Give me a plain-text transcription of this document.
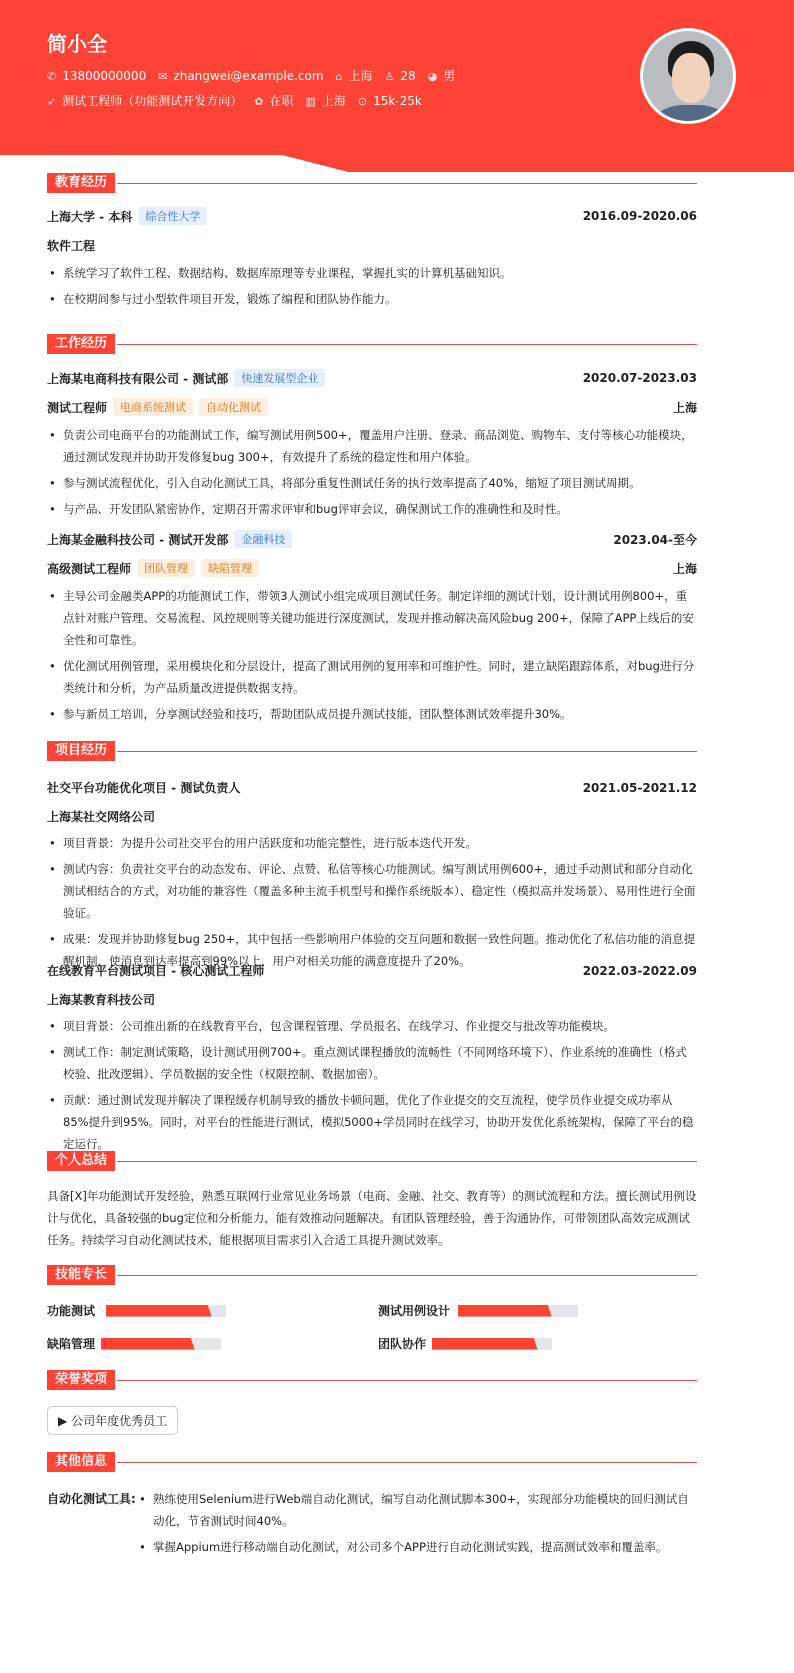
简小全
✆ 13800000000 ✉ zhangwei@example.com ⌂ 上海 ♙ 28 ◕ 男
➶ 测试工程师（功能测试开发方向） ✿ 在职 ▥ 上海 ⊙ 15k-25k
教育经历
上海大学 - 本科	综合性大学	2016.09-2020.06
软件工程
• 系统学习了软件工程、数据结构、数据库原理等专业课程，掌握扎实的计算机基础知识。
• 在校期间参与过小型软件项目开发，锻炼了编程和团队协作能力。
工作经历
上海某电商科技有限公司 - 测试部	快速发展型企业	2020.07-2023.03
测试工程师	电商系统测试	自动化测试	上海
• 负责公司电商平台的功能测试工作，编写测试用例500+，覆盖用户注册、登录、商品浏览、购物车、支付等核心功能模块，通过测试发现并协助开发修复bug 300+，有效提升了系统的稳定性和用户体验。
• 参与测试流程优化，引入自动化测试工具，将部分重复性测试任务的执行效率提高了40%，缩短了项目测试周期。
• 与产品、开发团队紧密协作，定期召开需求评审和bug评审会议，确保测试工作的准确性和及时性。
上海某金融科技公司 - 测试开发部	金融科技	2023.04-至今
高级测试工程师	团队管理	缺陷管理	上海
• 主导公司金融类APP的功能测试工作，带领3人测试小组完成项目测试任务。制定详细的测试计划，设计测试用例800+，重点针对账户管理、交易流程、风控规则等关键功能进行深度测试，发现并推动解决高风险bug 200+，保障了APP上线后的安全性和可靠性。
• 优化测试用例管理，采用模块化和分层设计，提高了测试用例的复用率和可维护性。同时，建立缺陷跟踪体系，对bug进行分类统计和分析，为产品质量改进提供数据支持。
• 参与新员工培训，分享测试经验和技巧，帮助团队成员提升测试技能，团队整体测试效率提升30%。
项目经历
社交平台功能优化项目 - 测试负责人	2021.05-2021.12
上海某社交网络公司
• 项目背景：为提升公司社交平台的用户活跃度和功能完整性，进行版本迭代开发。
• 测试内容：负责社交平台的动态发布、评论、点赞、私信等核心功能测试。编写测试用例600+，通过手动测试和部分自动化测试相结合的方式，对功能的兼容性（覆盖多种主流手机型号和操作系统版本）、稳定性（模拟高并发场景）、易用性进行全面验证。
• 成果：发现并协助修复bug 250+，其中包括一些影响用户体验的交互问题和数据一致性问题。推动优化了私信功能的消息提醒机制，使消息到达率提高到99%以上，用户对相关功能的满意度提升了20%。
在线教育平台测试项目 - 核心测试工程师	2022.03-2022.09
上海某教育科技公司
• 项目背景：公司推出新的在线教育平台，包含课程管理、学员报名、在线学习、作业提交与批改等功能模块。
• 测试工作：制定测试策略，设计测试用例700+。重点测试课程播放的流畅性（不同网络环境下）、作业系统的准确性（格式校验、批改逻辑）、学员数据的安全性（权限控制、数据加密）。
• 贡献：通过测试发现并解决了课程缓存机制导致的播放卡顿问题，优化了作业提交的交互流程，使学员作业提交成功率从85%提升到95%。同时，对平台的性能进行测试，模拟5000+学员同时在线学习，协助开发优化系统架构，保障了平台的稳定运行。
个人总结
具备[X]年功能测试开发经验，熟悉互联网行业常见业务场景（电商、金融、社交、教育等）的测试流程和方法。擅长测试用例设计与优化，具备较强的bug定位和分析能力，能有效推动问题解决。有团队管理经验，善于沟通协作，可带领团队高效完成测试任务。持续学习自动化测试技术，能根据项目需求引入合适工具提升测试效率。
技能专长
功能测试	测试用例设计
缺陷管理	团队协作
荣誉奖项
▶ 公司年度优秀员工
其他信息
自动化测试工具:	• 熟练使用Selenium进行Web端自动化测试，编写自动化测试脚本300+，实现部分功能模块的回归测试自动化，节省测试时间40%。
• 掌握Appium进行移动端自动化测试，对公司多个APP进行自动化测试实践，提高测试效率和覆盖率。
